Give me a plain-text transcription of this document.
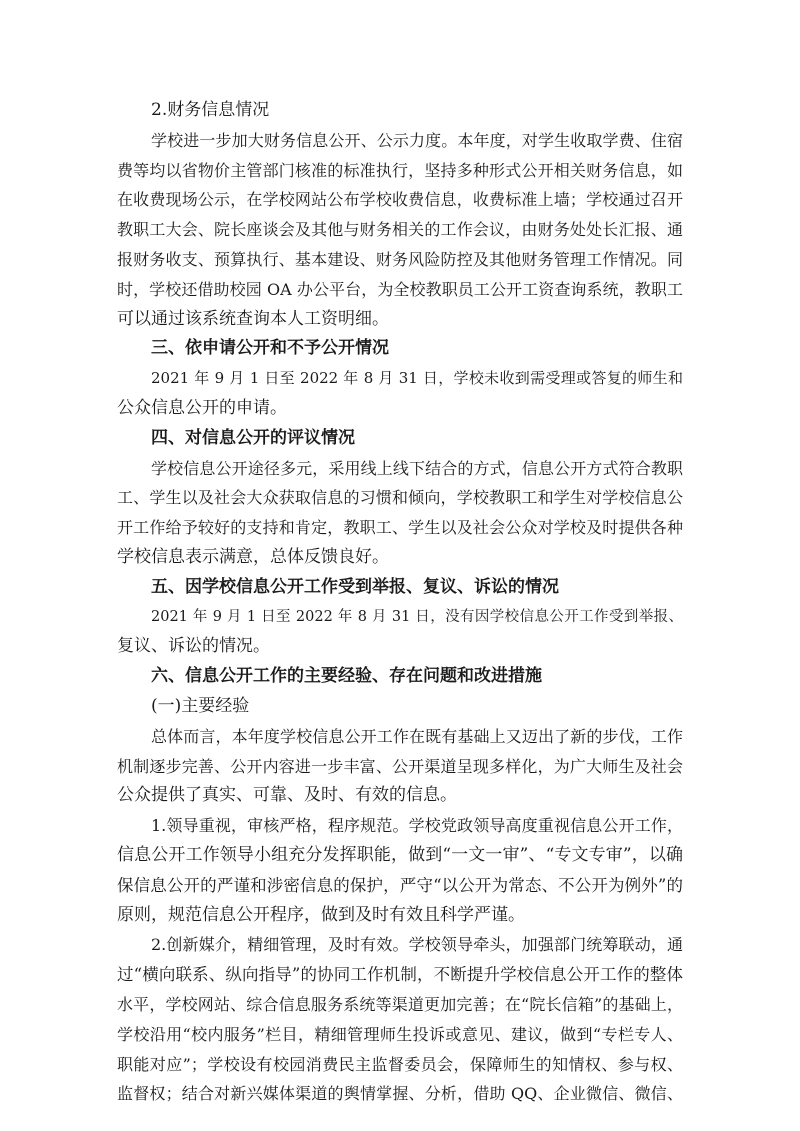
2.财务信息情况
学校进一步加大财务信息公开、公示力度。本年度，对学生收取学费、住宿
费等均以省物价主管部门核准的标准执行，坚持多种形式公开相关财务信息，如
在收费现场公示，在学校网站公布学校收费信息，收费标准上墙；学校通过召开
教职工大会、院长座谈会及其他与财务相关的工作会议，由财务处处长汇报、通
报财务收支、预算执行、基本建设、财务风险防控及其他财务管理工作情况。同
时，学校还借助校园 OA 办公平台，为全校教职员工公开工资查询系统，教职工
可以通过该系统查询本人工资明细。
三、依申请公开和不予公开情况
2021 年 9 月 1 日至 2022 年 8 月 31 日，学校未收到需受理或答复的师生和
公众信息公开的申请。
四、对信息公开的评议情况
学校信息公开途径多元，采用线上线下结合的方式，信息公开方式符合教职
工、学生以及社会大众获取信息的习惯和倾向，学校教职工和学生对学校信息公
开工作给予较好的支持和肯定，教职工、学生以及社会公众对学校及时提供各种
学校信息表示满意，总体反馈良好。
五、因学校信息公开工作受到举报、复议、诉讼的情况
2021 年 9 月 1 日至 2022 年 8 月 31 日，没有因学校信息公开工作受到举报、
复议、诉讼的情况。
六、信息公开工作的主要经验、存在问题和改进措施
(一)主要经验
总体而言，本年度学校信息公开工作在既有基础上又迈出了新的步伐，工作
机制逐步完善、公开内容进一步丰富、公开渠道呈现多样化，为广大师生及社会
公众提供了真实、可靠、及时、有效的信息。
1.领导重视，审核严格，程序规范。学校党政领导高度重视信息公开工作，
信息公开工作领导小组充分发挥职能，做到“一文一审”、“专文专审”，以确
保信息公开的严谨和涉密信息的保护，严守“以公开为常态、不公开为例外”的
原则，规范信息公开程序，做到及时有效且科学严谨。
2.创新媒介，精细管理，及时有效。学校领导牵头，加强部门统筹联动，通
过“横向联系、纵向指导”的协同工作机制，不断提升学校信息公开工作的整体
水平，学校网站、综合信息服务系统等渠道更加完善；在“院长信箱”的基础上，
学校沿用“校内服务”栏目，精细管理师生投诉或意见、建议，做到“专栏专人、
职能对应”；学校设有校园消费民主监督委员会，保障师生的知情权、参与权、
监督权；结合对新兴媒体渠道的舆情掌握、分析，借助 QQ、企业微信、微信、
